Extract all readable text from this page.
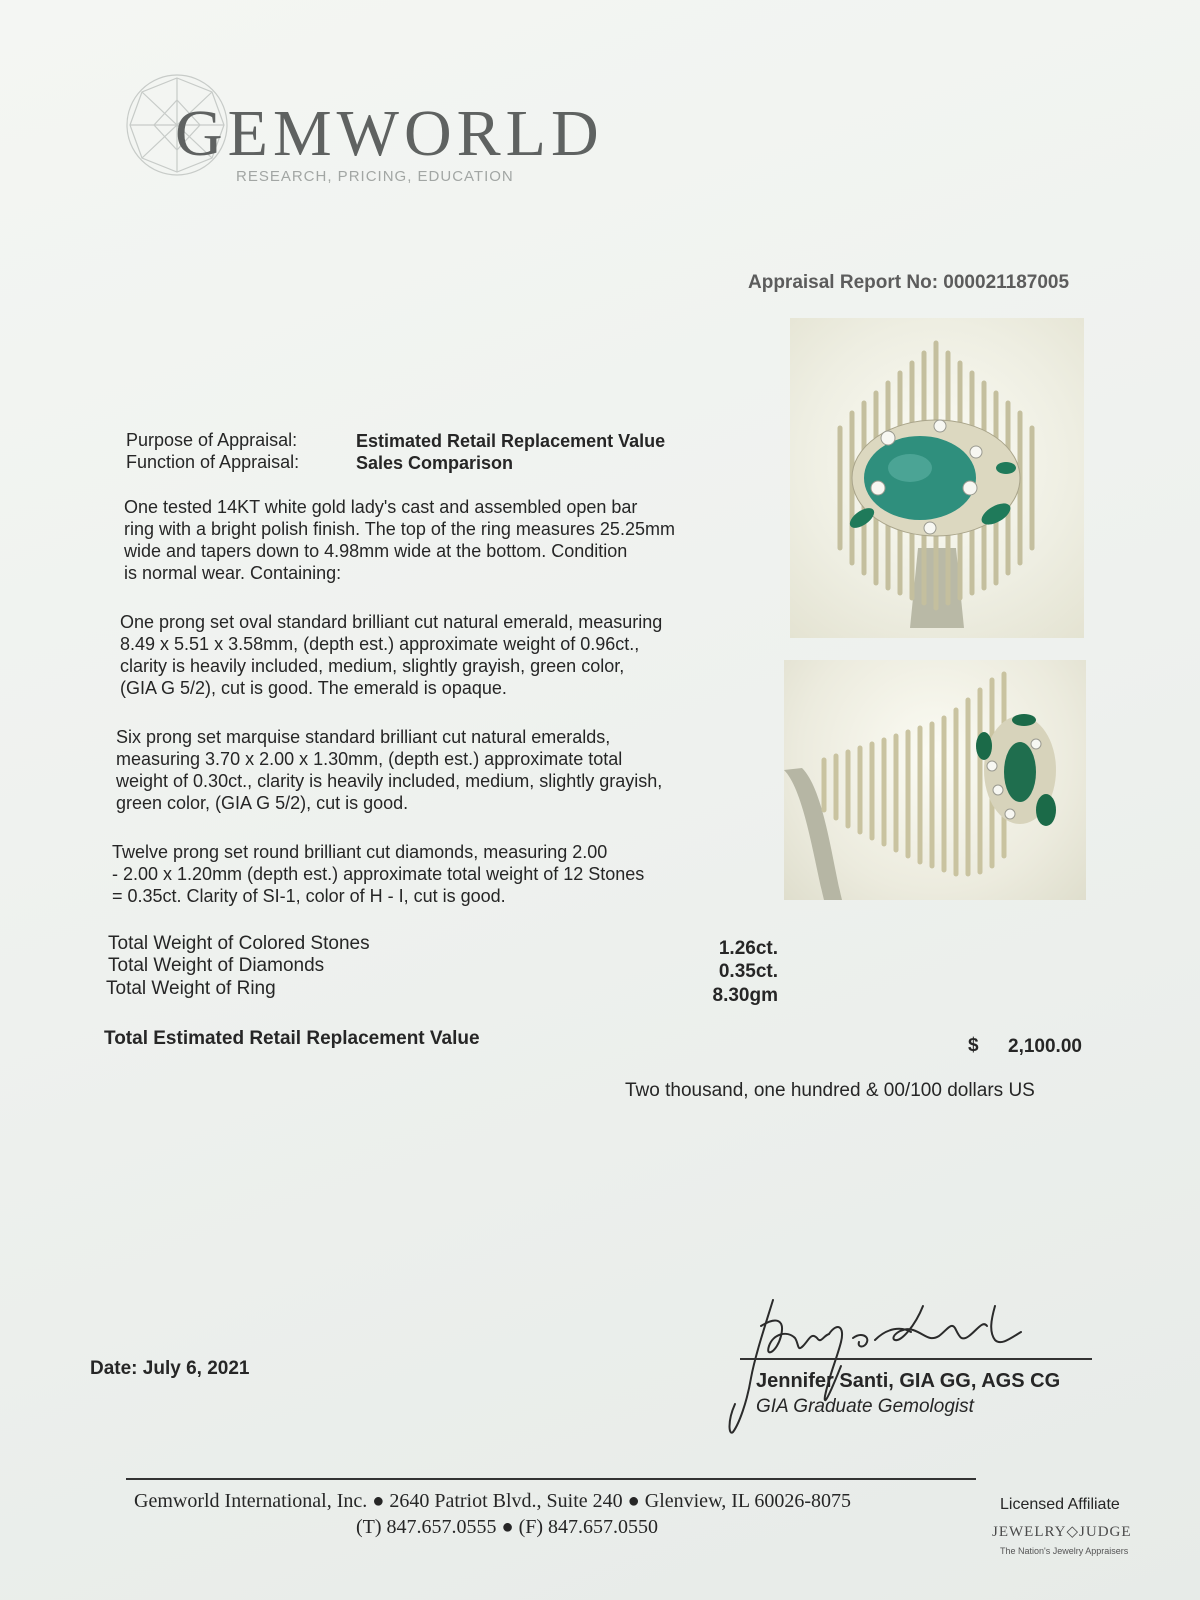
GEMWORLD
RESEARCH, PRICING, EDUCATION
Appraisal Report No: 000021187005
Purpose of Appraisal:	Estimated Retail Replacement Value
Function of Appraisal:	Sales Comparison
One tested 14KT white gold lady's cast and assembled open bar
ring with a bright polish finish. The top of the ring measures 25.25mm
wide and tapers down to 4.98mm wide at the bottom. Condition
is normal wear. Containing:
One prong set oval standard brilliant cut natural emerald, measuring
8.49 x 5.51 x 3.58mm, (depth est.) approximate weight of 0.96ct.,
clarity is heavily included, medium, slightly grayish, green color,
(GIA G 5/2), cut is good. The emerald is opaque.
Six prong set marquise standard brilliant cut natural emeralds,
measuring 3.70 x 2.00 x 1.30mm, (depth est.) approximate total
weight of 0.30ct., clarity is heavily included, medium, slightly grayish,
green color, (GIA G 5/2), cut is good.
Twelve prong set round brilliant cut diamonds, measuring 2.00
- 2.00 x 1.20mm (depth est.) approximate total weight of 12 Stones
= 0.35ct. Clarity of SI-1, color of H - I, cut is good.
Total Weight of Colored Stones	1.26ct.
Total Weight of Diamonds	0.35ct.
Total Weight of Ring	8.30gm
Total Estimated Retail Replacement Value	$ 2,100.00
Two thousand, one hundred & 00/100 dollars US
Date: July 6, 2021
Jennifer Santi, GIA GG, AGS CG
GIA Graduate Gemologist
Gemworld International, Inc. ● 2640 Patriot Blvd., Suite 240 ● Glenview, IL 60026-8075
(T) 847.657.0555 ● (F) 847.657.0550
Licensed Affiliate
JEWELRY◇JUDGE
The Nation's Jewelry Appraisers
